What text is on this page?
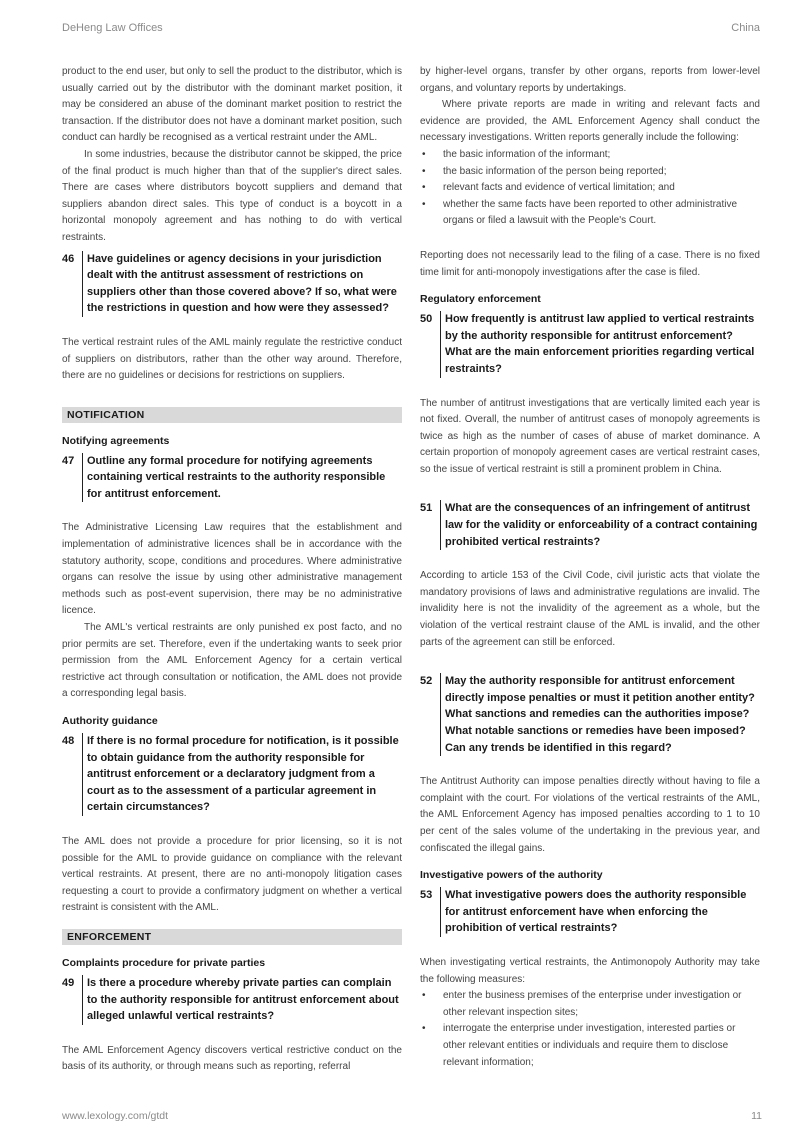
DeHeng Law Offices	China

product to the end user, but only to sell the product to the distributor, which is usually carried out by the distributor with the dominant market position, it may be considered an abuse of the dominant market position to restrict the transaction. If the distributor does not have a dominant market position, such conduct can hardly be recognised as a vertical restraint under the AML.

In some industries, because the distributor cannot be skipped, the price of the final product is much higher than that of the supplier's direct sales. There are cases where distributors boycott suppliers and demand that suppliers abandon direct sales. This type of conduct is a boycott in a horizontal monopoly agreement and has nothing to do with vertical restraints.

46	Have guidelines or agency decisions in your jurisdiction dealt with the antitrust assessment of restrictions on suppliers other than those covered above? If so, what were the restrictions in question and how were they assessed?

The vertical restraint rules of the AML mainly regulate the restrictive conduct of suppliers on distributors, rather than the other way around. Therefore, there are no guidelines or decisions for restrictions on suppliers.

NOTIFICATION
Notifying agreements
47	Outline any formal procedure for notifying agreements containing vertical restraints to the authority responsible for antitrust enforcement.

The Administrative Licensing Law requires that the establishment and implementation of administrative licences shall be in accordance with the statutory authority, scope, conditions and procedures. Where administrative organs can resolve the issue by using other administrative management methods such as post-event supervision, there may be no administrative licence.

The AML's vertical restraints are only punished ex post facto, and no prior permits are set. Therefore, even if the undertaking wants to seek prior permission from the AML Enforcement Agency for a certain vertical restrictive act through consultation or notification, the AML does not provide a corresponding legal basis.

Authority guidance
48	If there is no formal procedure for notification, is it possible to obtain guidance from the authority responsible for antitrust enforcement or a declaratory judgment from a court as to the assessment of a particular agreement in certain circumstances?

The AML does not provide a procedure for prior licensing, so it is not possible for the AML to provide guidance on compliance with the relevant vertical restraints. At present, there are no anti-monopoly litigation cases requesting a court to provide a confirmatory judgment on whether a vertical restraint is consistent with the AML.

ENFORCEMENT
Complaints procedure for private parties
49	Is there a procedure whereby private parties can complain to the authority responsible for antitrust enforcement about alleged unlawful vertical restraints?

The AML Enforcement Agency discovers vertical restrictive conduct on the basis of its authority, or through means such as reporting, referral

by higher-level organs, transfer by other organs, reports from lower-level organs, and voluntary reports by undertakings.

Where private reports are made in writing and relevant facts and evidence are provided, the AML Enforcement Agency shall conduct the necessary investigations. Written reports generally include the following:

• the basic information of the informant;
• the basic information of the person being reported;
• relevant facts and evidence of vertical limitation; and
• whether the same facts have been reported to other administrative organs or filed a lawsuit with the People's Court.

Reporting does not necessarily lead to the filing of a case. There is no fixed time limit for anti-monopoly investigations after the case is filed.

Regulatory enforcement
50	How frequently is antitrust law applied to vertical restraints by the authority responsible for antitrust enforcement? What are the main enforcement priorities regarding vertical restraints?

The number of antitrust investigations that are vertically limited each year is not fixed. Overall, the number of antitrust cases of monopoly agreements is twice as high as the number of cases of abuse of market dominance. A certain proportion of monopoly agreement cases are vertical restraint cases, so the issue of vertical restraint is still a prominent problem in China.

51	What are the consequences of an infringement of antitrust law for the validity or enforceability of a contract containing prohibited vertical restraints?

According to article 153 of the Civil Code, civil juristic acts that violate the mandatory provisions of laws and administrative regulations are invalid. The invalidity here is not the invalidity of the agreement as a whole, but the violation of the vertical restraint clause of the AML is invalid, and the other parts of the agreement can still be enforced.

52	May the authority responsible for antitrust enforcement directly impose penalties or must it petition another entity? What sanctions and remedies can the authorities impose? What notable sanctions or remedies have been imposed? Can any trends be identified in this regard?

The Antitrust Authority can impose penalties directly without having to file a complaint with the court. For violations of the vertical restraints of the AML, the AML Enforcement Agency has imposed penalties according to 1 to 10 per cent of the sales volume of the undertaking in the previous year, and confiscated the illegal gains.

Investigative powers of the authority
53	What investigative powers does the authority responsible for antitrust enforcement have when enforcing the prohibition of vertical restraints?

When investigating vertical restraints, the Antimonopoly Authority may take the following measures:

• enter the business premises of the enterprise under investigation or other relevant inspection sites;
• interrogate the enterprise under investigation, interested parties or other relevant entities or individuals and require them to disclose relevant information;
www.lexology.com/gtdt	11
